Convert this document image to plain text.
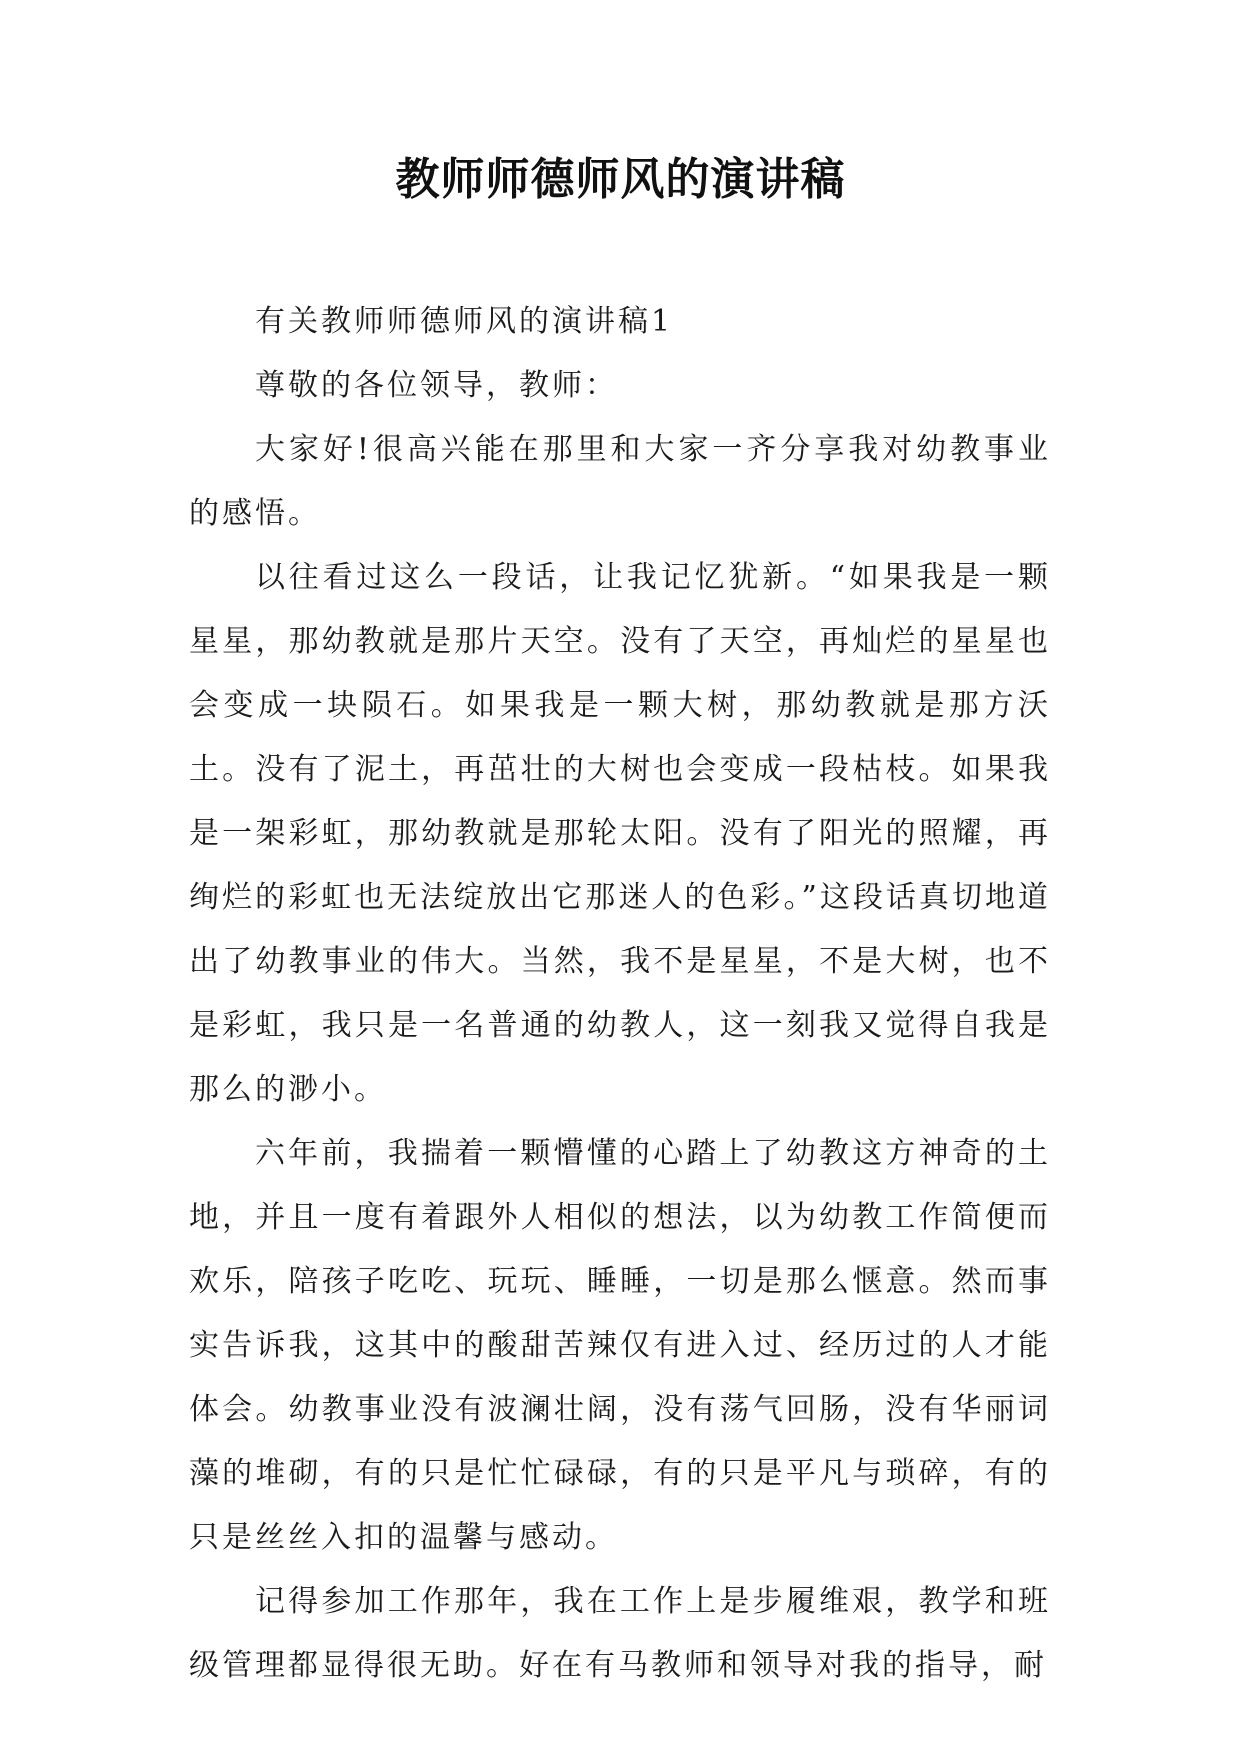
教师师德师风的演讲稿

有关教师师德师风的演讲稿1

尊敬的各位领导，教师：

大家好!很高兴能在那里和大家一齐分享我对幼教事业的感悟。

以往看过这么一段话，让我记忆犹新。“如果我是一颗星星，那幼教就是那片天空。没有了天空，再灿烂的星星也会变成一块陨石。如果我是一颗大树，那幼教就是那方沃土。没有了泥土，再茁壮的大树也会变成一段枯枝。如果我是一架彩虹，那幼教就是那轮太阳。没有了阳光的照耀，再绚烂的彩虹也无法绽放出它那迷人的色彩。”这段话真切地道出了幼教事业的伟大。当然，我不是星星，不是大树，也不是彩虹，我只是一名普通的幼教人，这一刻我又觉得自我是那么的渺小。

六年前，我揣着一颗懵懂的心踏上了幼教这方神奇的土地，并且一度有着跟外人相似的想法，以为幼教工作简便而欢乐，陪孩子吃吃、玩玩、睡睡，一切是那么惬意。然而事实告诉我，这其中的酸甜苦辣仅有进入过、经历过的人才能体会。幼教事业没有波澜壮阔，没有荡气回肠，没有华丽词藻的堆砌，有的只是忙忙碌碌，有的只是平凡与琐碎，有的只是丝丝入扣的温馨与感动。

记得参加工作那年，我在工作上是步履维艰，教学和班级管理都显得很无助。好在有马教师和领导对我的指导，耐
